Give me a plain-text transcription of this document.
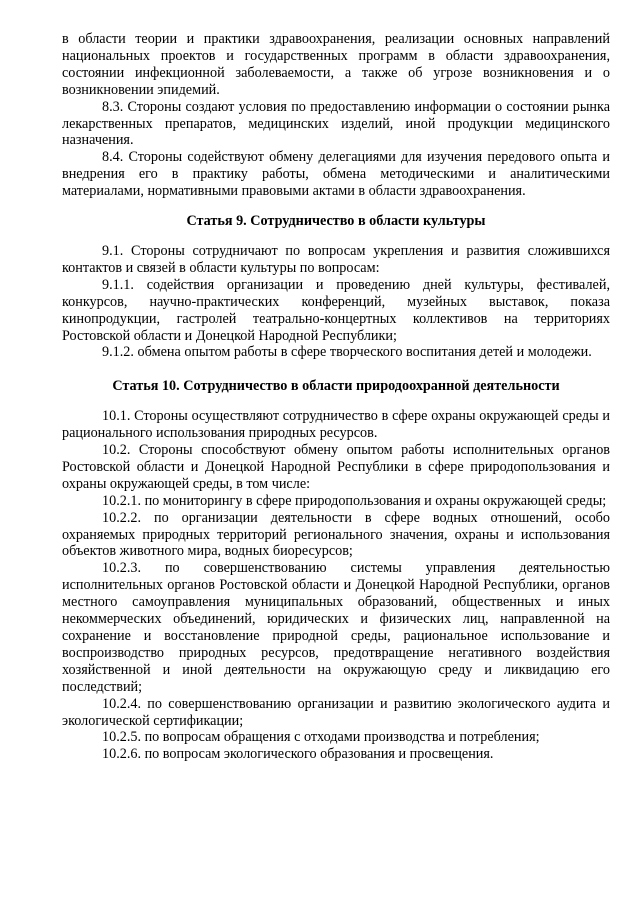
в области теории и практики здравоохранения, реализации основных направлений национальных проектов и государственных программ в области здравоохранения, состоянии инфекционной заболеваемости, а также об угрозе возникновения и о возникновении эпидемий.

8.3. Стороны создают условия по предоставлению информации о состоянии рынка лекарственных препаратов, медицинских изделий, иной продукции медицинского назначения.

8.4. Стороны содействуют обмену делегациями для изучения передового опыта и внедрения его в практику работы, обмена методическими и аналитическими материалами, нормативными правовыми актами в области здравоохранения.

Статья 9. Сотрудничество в области культуры

9.1. Стороны сотрудничают по вопросам укрепления и развития сложившихся контактов и связей в области культуры по вопросам:

9.1.1. содействия организации и проведению дней культуры, фестивалей, конкурсов, научно-практических конференций, музейных выставок, показа кинопродукции, гастролей театрально-концертных коллективов на территориях Ростовской области и Донецкой Народной Республики;

9.1.2. обмена опытом работы в сфере творческого воспитания детей и молодежи.

Статья 10. Сотрудничество в области природоохранной деятельности

10.1. Стороны осуществляют сотрудничество в сфере охраны окружающей среды и рационального использования природных ресурсов.

10.2. Стороны способствуют обмену опытом работы исполнительных органов Ростовской области и Донецкой Народной Республики в сфере природопользования и охраны окружающей среды, в том числе:

10.2.1. по мониторингу в сфере природопользования и охраны окружающей среды;

10.2.2. по организации деятельности в сфере водных отношений, особо охраняемых природных территорий регионального значения, охраны и использования объектов животного мира, водных биоресурсов;

10.2.3. по совершенствованию системы управления деятельностью исполнительных органов Ростовской области и Донецкой Народной Республики, органов местного самоуправления муниципальных образований, общественных и иных некоммерческих объединений, юридических и физических лиц, направленной на сохранение и восстановление природной среды, рациональное использование и воспроизводство природных ресурсов, предотвращение негативного воздействия хозяйственной и иной деятельности на окружающую среду и ликвидацию его последствий;

10.2.4. по совершенствованию организации и развитию экологического аудита и экологической сертификации;

10.2.5. по вопросам обращения с отходами производства и потребления;

10.2.6. по вопросам экологического образования и просвещения.
